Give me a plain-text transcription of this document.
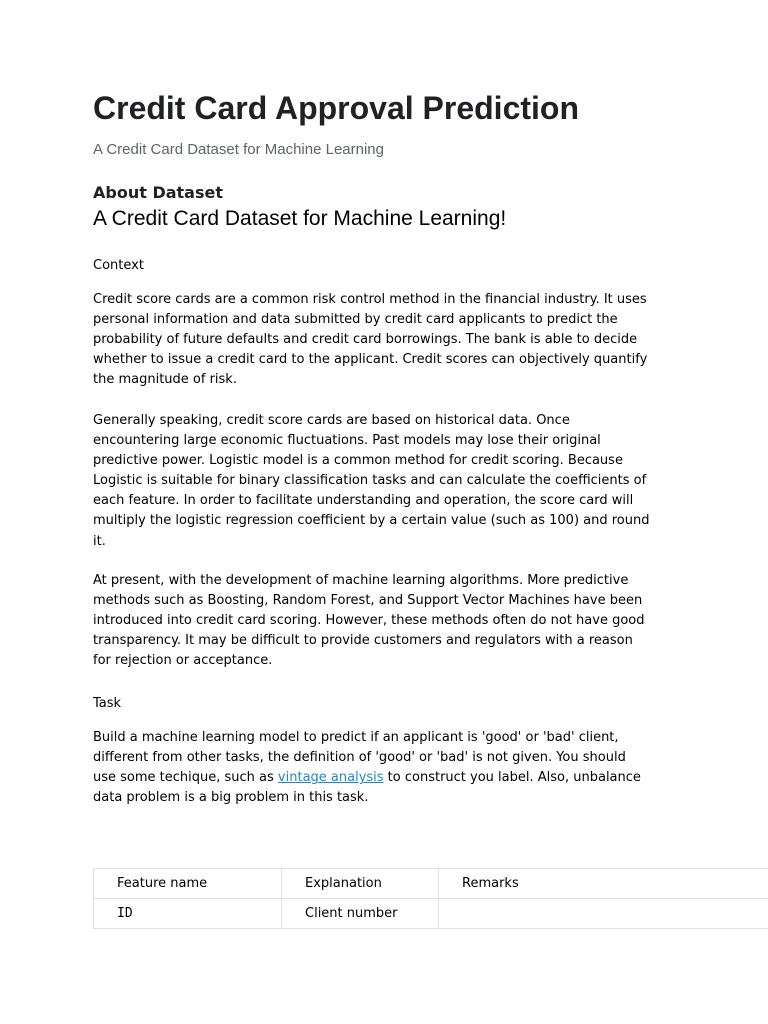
Credit Card Approval Prediction

A Credit Card Dataset for Machine Learning

About Dataset
A Credit Card Dataset for Machine Learning!

Context

Credit score cards are a common risk control method in the financial industry. It uses
personal information and data submitted by credit card applicants to predict the
probability of future defaults and credit card borrowings. The bank is able to decide
whether to issue a credit card to the applicant. Credit scores can objectively quantify
the magnitude of risk.
Generally speaking, credit score cards are based on historical data. Once
encountering large economic fluctuations. Past models may lose their original
predictive power. Logistic model is a common method for credit scoring. Because
Logistic is suitable for binary classification tasks and can calculate the coefficients of
each feature. In order to facilitate understanding and operation, the score card will
multiply the logistic regression coefficient by a certain value (such as 100) and round
it.
At present, with the development of machine learning algorithms. More predictive
methods such as Boosting, Random Forest, and Support Vector Machines have been
introduced into credit card scoring. However, these methods often do not have good
transparency. It may be difficult to provide customers and regulators with a reason
for rejection or acceptance.

Task

Build a machine learning model to predict if an applicant is 'good' or 'bad' client,
different from other tasks, the definition of 'good' or 'bad' is not given. You should
use some techique, such as vintage analysis to construct you label. Also, unbalance
data problem is a big problem in this task.
Feature name	Explanation	Remarks
ID	Client number	
